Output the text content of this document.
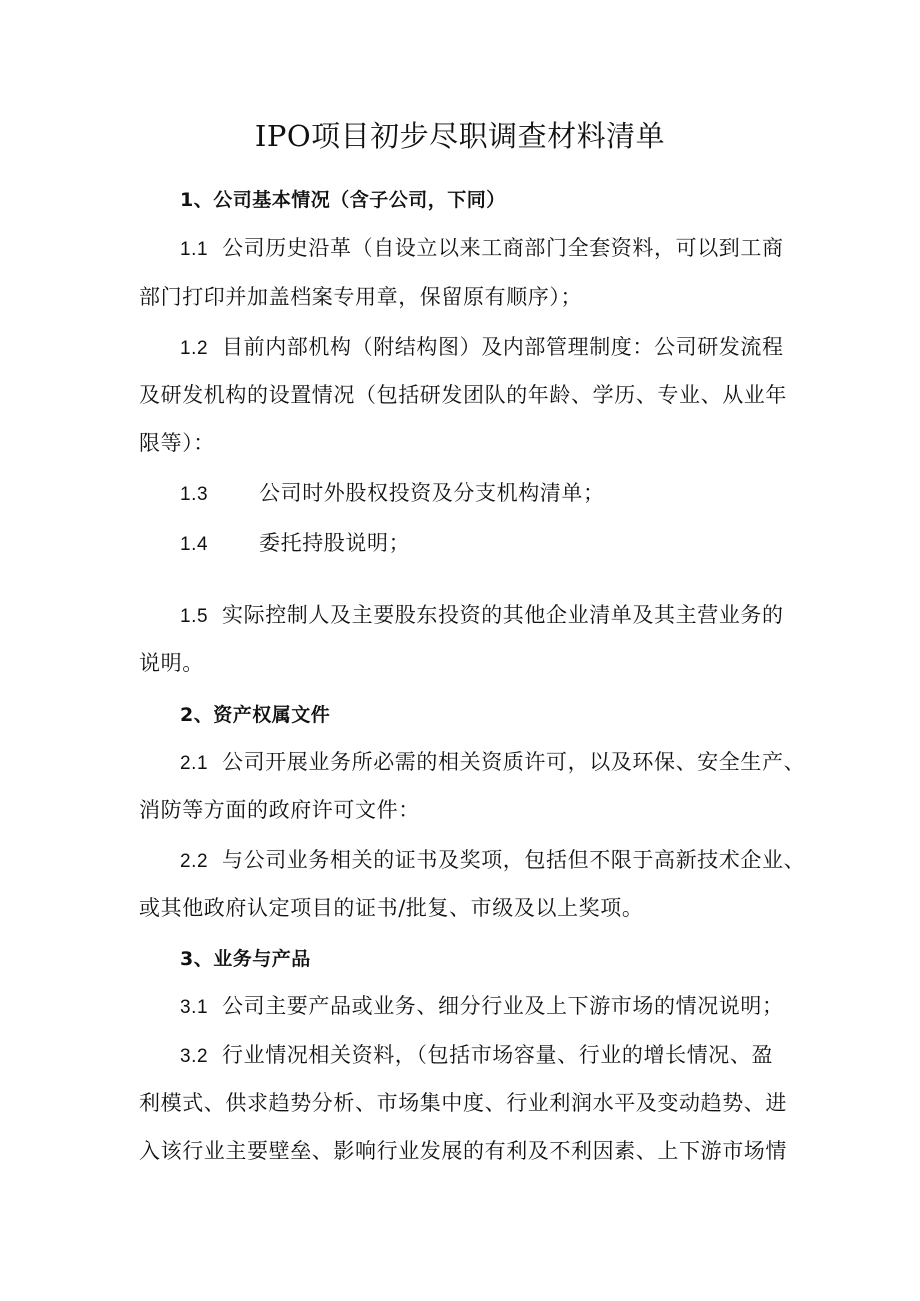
IPO项目初步尽职调查材料清单
1、公司基本情况（含子公司，下同）
1.1 公司历史沿革（自设立以来工商部门全套资料，可以到工商
部门打印并加盖档案专用章，保留原有顺序）；
1.2 目前内部机构（附结构图）及内部管理制度：公司研发流程
及研发机构的设置情况（包括研发团队的年龄、学历、专业、从业年
限等）：
1.3 公司时外股权投资及分支机构清单；
1.4 委托持股说明；
1.5 实际控制人及主要股东投资的其他企业清单及其主营业务的
说明。
2、资产权属文件
2.1 公司开展业务所必需的相关资质许可，以及环保、安全生产、
消防等方面的政府许可文件：
2.2 与公司业务相关的证书及奖项，包括但不限于高新技术企业、
或其他政府认定项目的证书/批复、市级及以上奖项。
3、业务与产品
3.1 公司主要产品或业务、细分行业及上下游市场的情况说明；
3.2 行业情况相关资料，（包括市场容量、行业的增长情况、盈
利模式、供求趋势分析、市场集中度、行业利润水平及变动趋势、进
入该行业主要壁垒、影响行业发展的有利及不利因素、上下游市场情
